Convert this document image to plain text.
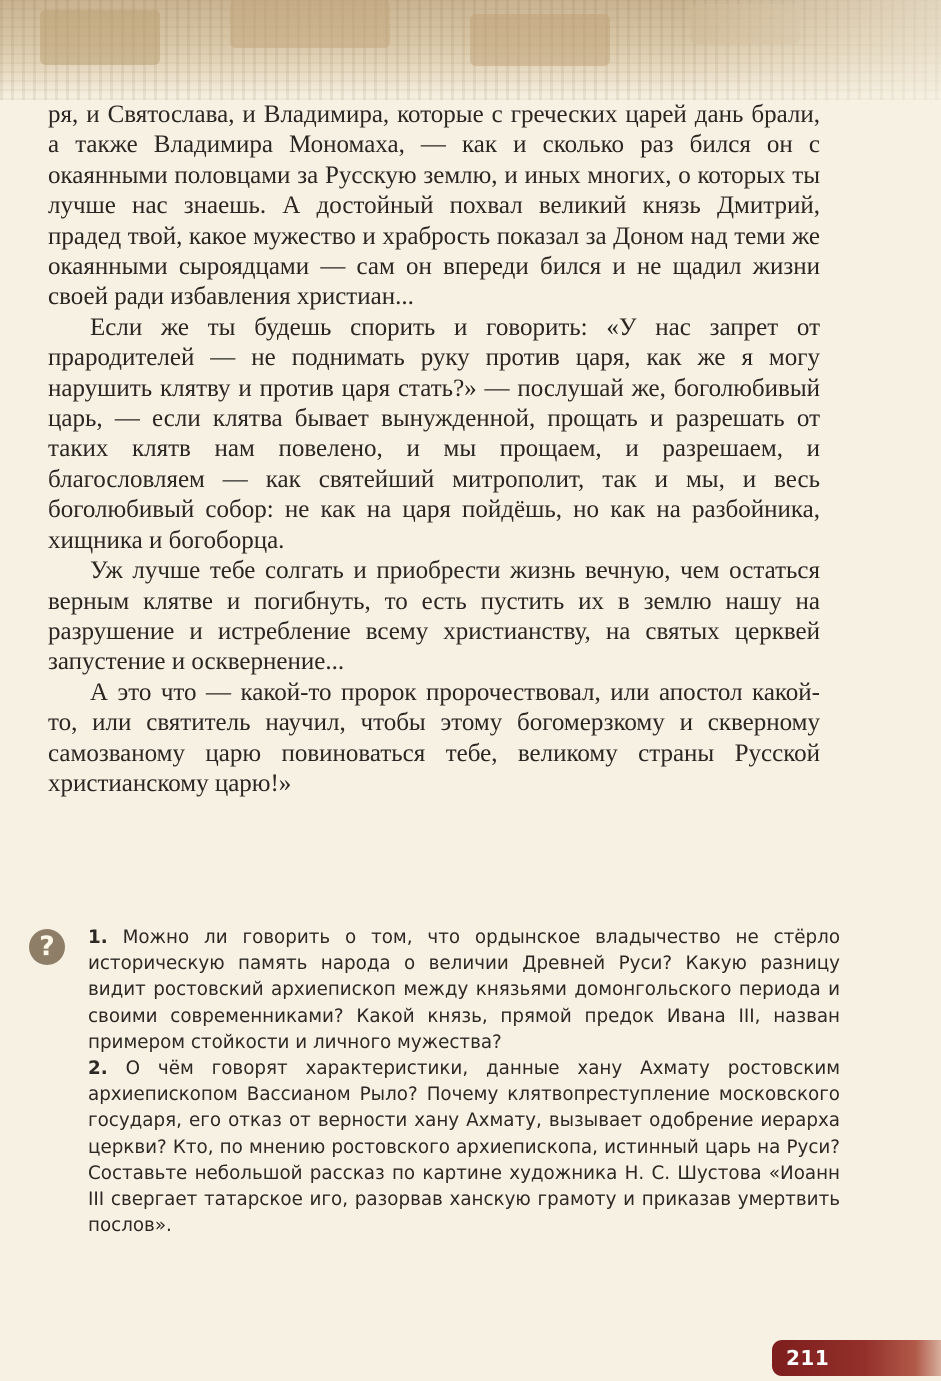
ря, и Святослава, и Владимира, которые с греческих царей дань брали, а также Владимира Мономаха, — как и сколько раз бился он с окаянными половцами за Русскую землю, и иных многих, о которых ты лучше нас знаешь. А достойный похвал великий князь Дмитрий, прадед твой, какое мужество и храбрость показал за Доном над теми же окаянными сыроядцами — сам он впереди бился и не щадил жизни своей ради избавления христиан...

Если же ты будешь спорить и говорить: «У нас запрет от прародителей — не поднимать руку против царя, как же я могу нарушить клятву и против царя стать?» — послушай же, боголюбивый царь, — если клятва бывает вынужденной, прощать и разрешать от таких клятв нам повелено, и мы прощаем, и разрешаем, и благословляем — как святейший митрополит, так и мы, и весь боголюбивый собор: не как на царя пойдёшь, но как на разбойника, хищника и богоборца.

Уж лучше тебе солгать и приобрести жизнь вечную, чем остаться верным клятве и погибнуть, то есть пустить их в землю нашу на разрушение и истребление всему христианству, на святых церквей запустение и осквернение...

А это что — какой-то пророк пророчествовал, или апостол какой-то, или святитель научил, чтобы этому богомерзкому и скверному самозваному царю повиноваться тебе, великому страны Русской христианскому царю!»

?	1. Можно ли говорить о том, что ордынское владычество не стёрло историческую память народа о величии Древней Руси? Какую разницу видит ростовский архиепископ между князьями домонгольского периода и своими современниками? Какой князь, прямой предок Ивана III, назван примером стойкости и личного мужества?

2. О чём говорят характеристики, данные хану Ахмату ростовским архиепископом Вассианом Рыло? Почему клятвопреступление московского государя, его отказ от верности хану Ахмату, вызывает одобрение иерарха церкви? Кто, по мнению ростовского архиепископа, истинный царь на Руси? Составьте небольшой рассказ по картине художника Н. С. Шустова «Иоанн III свергает татарское иго, разорвав ханскую грамоту и приказав умертвить послов».

211
